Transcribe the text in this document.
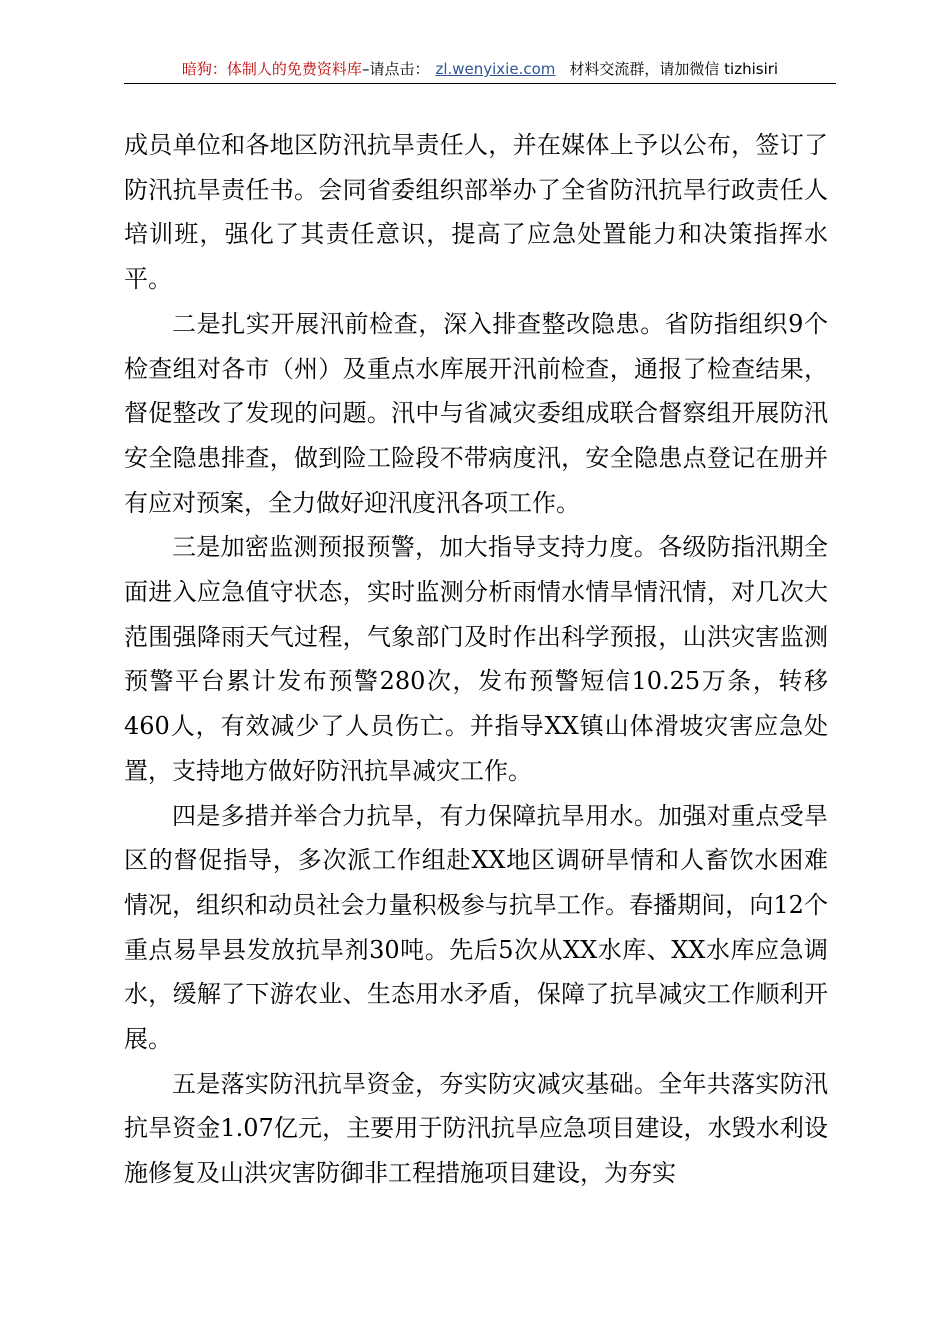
暗狗：体制人的免费资料库–请点击： zl.wenyixie.com 材料交流群，请加微信 tizhisiri

成员单位和各地区防汛抗旱责任人，并在媒体上予以公布，签订了防汛抗旱责任书。会同省委组织部举办了全省防汛抗旱行政责任人培训班，强化了其责任意识，提高了应急处置能力和决策指挥水平。

二是扎实开展汛前检查，深入排查整改隐患。省防指组织9个检查组对各市（州）及重点水库展开汛前检查，通报了检查结果，督促整改了发现的问题。汛中与省减灾委组成联合督察组开展防汛安全隐患排查，做到险工险段不带病度汛，安全隐患点登记在册并有应对预案，全力做好迎汛度汛各项工作。

三是加密监测预报预警，加大指导支持力度。各级防指汛期全面进入应急值守状态，实时监测分析雨情水情旱情汛情，对几次大范围强降雨天气过程，气象部门及时作出科学预报，山洪灾害监测预警平台累计发布预警280次，发布预警短信10.25万条，转移460人，有效减少了人员伤亡。并指导XX镇山体滑坡灾害应急处置，支持地方做好防汛抗旱减灾工作。

四是多措并举合力抗旱，有力保障抗旱用水。加强对重点受旱区的督促指导，多次派工作组赴XX地区调研旱情和人畜饮水困难情况，组织和动员社会力量积极参与抗旱工作。春播期间，向12个重点易旱县发放抗旱剂30吨。先后5次从XX水库、XX水库应急调水，缓解了下游农业、生态用水矛盾，保障了抗旱减灾工作顺利开展。

五是落实防汛抗旱资金，夯实防灾减灾基础。全年共落实防汛抗旱资金1.07亿元，主要用于防汛抗旱应急项目建设，水毁水利设施修复及山洪灾害防御非工程措施项目建设，为夯实
